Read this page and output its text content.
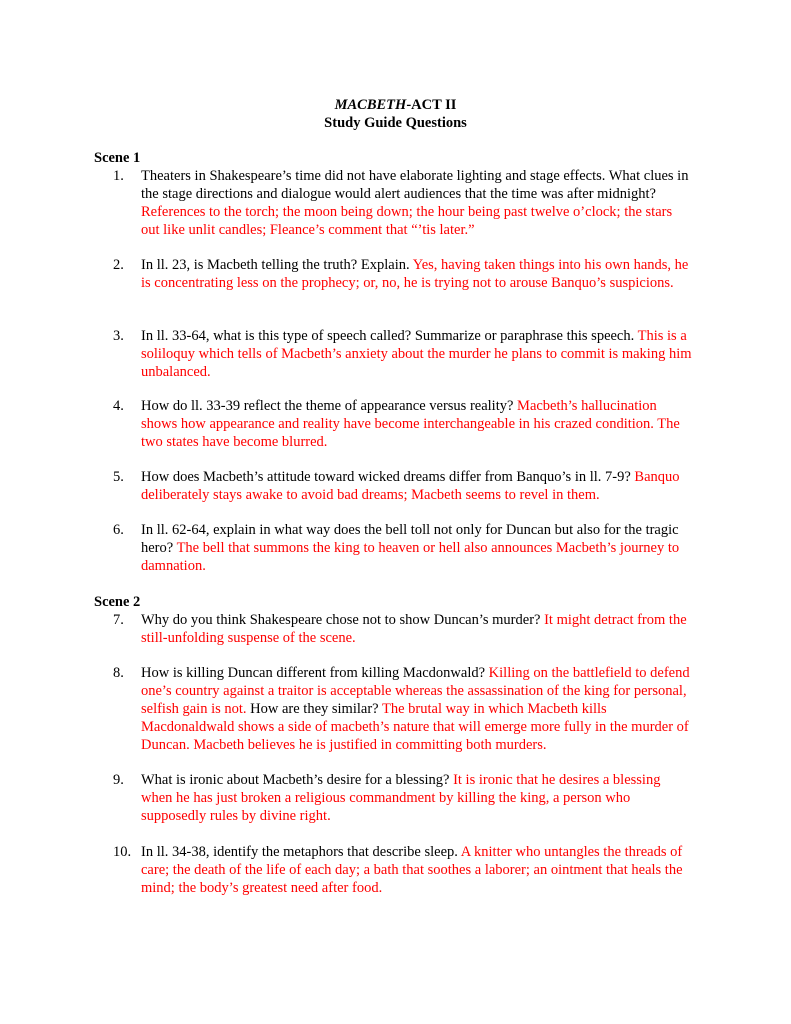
MACBETH-ACT II
Study Guide Questions
Scene 1
1. Theaters in Shakespeare’s time did not have elaborate lighting and stage effects. What clues in the stage directions and dialogue would alert audiences that the time was after midnight? References to the torch; the moon being down; the hour being past twelve o’clock; the stars out like unlit candles; Fleance’s comment that “’tis later.”
2. In ll. 23, is Macbeth telling the truth? Explain. Yes, having taken things into his own hands, he is concentrating less on the prophecy; or, no, he is trying not to arouse Banquo’s suspicions.
3. In ll. 33-64, what is this type of speech called? Summarize or paraphrase this speech. This is a soliloquy which tells of Macbeth’s anxiety about the murder he plans to commit is making him unbalanced.
4. How do ll. 33-39 reflect the theme of appearance versus reality? Macbeth’s hallucination shows how appearance and reality have become interchangeable in his crazed condition. The two states have become blurred.
5. How does Macbeth’s attitude toward wicked dreams differ from Banquo’s in ll. 7-9? Banquo deliberately stays awake to avoid bad dreams; Macbeth seems to revel in them.
6. In ll. 62-64, explain in what way does the bell toll not only for Duncan but also for the tragic hero? The bell that summons the king to heaven or hell also announces Macbeth’s journey to damnation.
Scene 2
7. Why do you think Shakespeare chose not to show Duncan’s murder? It might detract from the still-unfolding suspense of the scene.
8. How is killing Duncan different from killing Macdonwald? Killing on the battlefield to defend one’s country against a traitor is acceptable whereas the assassination of the king for personal, selfish gain is not. How are they similar? The brutal way in which Macbeth kills Macdonaldwald shows a side of macbeth’s nature that will emerge more fully in the murder of Duncan. Macbeth believes he is justified in committing both murders.
9. What is ironic about Macbeth’s desire for a blessing? It is ironic that he desires a blessing when he has just broken a religious commandment by killing the king, a person who supposedly rules by divine right.
10. In ll. 34-38, identify the metaphors that describe sleep. A knitter who untangles the threads of care; the death of the life of each day; a bath that soothes a laborer; an ointment that heals the mind; the body’s greatest need after food.
